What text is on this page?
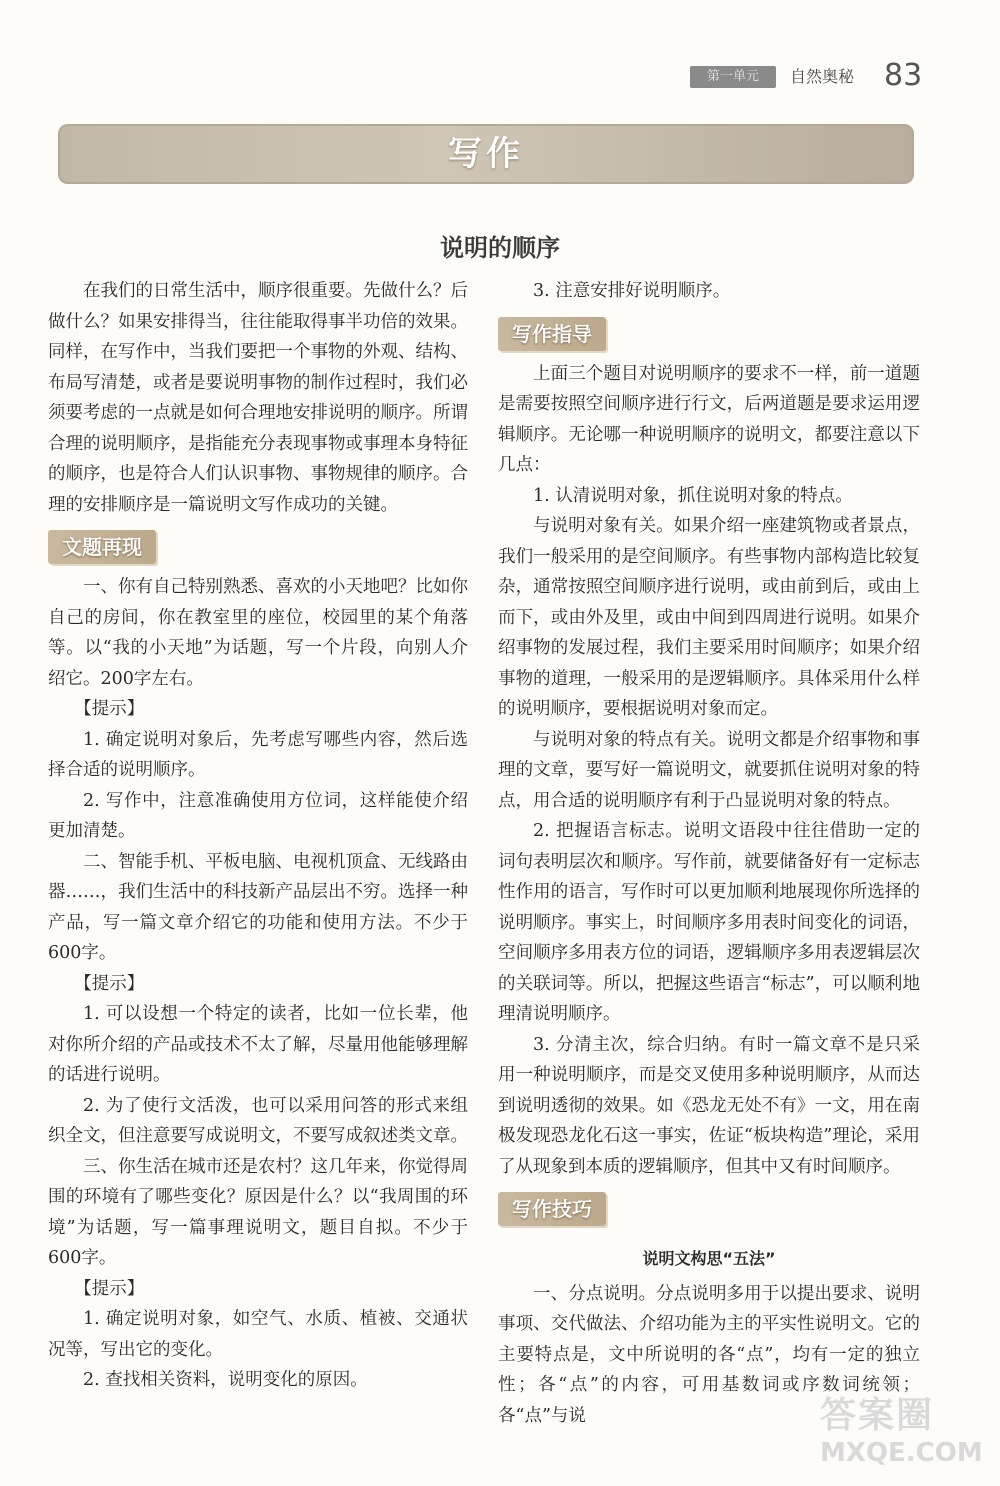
第一单元	自然奥秘 83
写作
说明的顺序

在我们的日常生活中，顺序很重要。先做什么？后做什么？如果安排得当，往往能取得事半功倍的效果。同样，在写作中，当我们要把一个事物的外观、结构、布局写清楚，或者是要说明事物的制作过程时，我们必须要考虑的一点就是如何合理地安排说明的顺序。所谓合理的说明顺序，是指能充分表现事物或事理本身特征的顺序，也是符合人们认识事物、事物规律的顺序。合理的安排顺序是一篇说明文写作成功的关键。

文题再现

一、你有自己特别熟悉、喜欢的小天地吧？比如你自己的房间，你在教室里的座位，校园里的某个角落等。以“我的小天地”为话题，写一个片段，向别人介绍它。200字左右。

【提示】

1. 确定说明对象后，先考虑写哪些内容，然后选择合适的说明顺序。

2. 写作中，注意准确使用方位词，这样能使介绍更加清楚。

二、智能手机、平板电脑、电视机顶盒、无线路由器……，我们生活中的科技新产品层出不穷。选择一种产品，写一篇文章介绍它的功能和使用方法。不少于600字。

【提示】

1. 可以设想一个特定的读者，比如一位长辈，他对你所介绍的产品或技术不太了解，尽量用他能够理解的话进行说明。

2. 为了使行文活泼，也可以采用问答的形式来组织全文，但注意要写成说明文，不要写成叙述类文章。

三、你生活在城市还是农村？这几年来，你觉得周围的环境有了哪些变化？原因是什么？以“我周围的环境”为话题，写一篇事理说明文，题目自拟。不少于600字。

【提示】

1. 确定说明对象，如空气、水质、植被、交通状况等，写出它的变化。

2. 查找相关资料，说明变化的原因。

3. 注意安排好说明顺序。

写作指导

上面三个题目对说明顺序的要求不一样，前一道题是需要按照空间顺序进行行文，后两道题是要求运用逻辑顺序。无论哪一种说明顺序的说明文，都要注意以下几点：

1. 认清说明对象，抓住说明对象的特点。

与说明对象有关。如果介绍一座建筑物或者景点，我们一般采用的是空间顺序。有些事物内部构造比较复杂，通常按照空间顺序进行说明，或由前到后，或由上而下，或由外及里，或由中间到四周进行说明。如果介绍事物的发展过程，我们主要采用时间顺序；如果介绍事物的道理，一般采用的是逻辑顺序。具体采用什么样的说明顺序，要根据说明对象而定。

与说明对象的特点有关。说明文都是介绍事物和事理的文章，要写好一篇说明文，就要抓住说明对象的特点，用合适的说明顺序有利于凸显说明对象的特点。

2. 把握语言标志。说明文语段中往往借助一定的词句表明层次和顺序。写作前，就要储备好有一定标志性作用的语言，写作时可以更加顺利地展现你所选择的说明顺序。事实上，时间顺序多用表时间变化的词语，空间顺序多用表方位的词语，逻辑顺序多用表逻辑层次的关联词等。所以，把握这些语言“标志”，可以顺利地理清说明顺序。

3. 分清主次，综合归纳。有时一篇文章不是只采用一种说明顺序，而是交叉使用多种说明顺序，从而达到说明透彻的效果。如《恐龙无处不有》一文，用在南极发现恐龙化石这一事实，佐证“板块构造”理论，采用了从现象到本质的逻辑顺序，但其中又有时间顺序。

写作技巧
说明文构思“五法”

一、分点说明。分点说明多用于以提出要求、说明事项、交代做法、介绍功能为主的平实性说明文。它的主要特点是，文中所说明的各“点”，均有一定的独立性；各“点”的内容，可用基数词或序数词统领；各“点”与说	答案圈
MXQE.COM
